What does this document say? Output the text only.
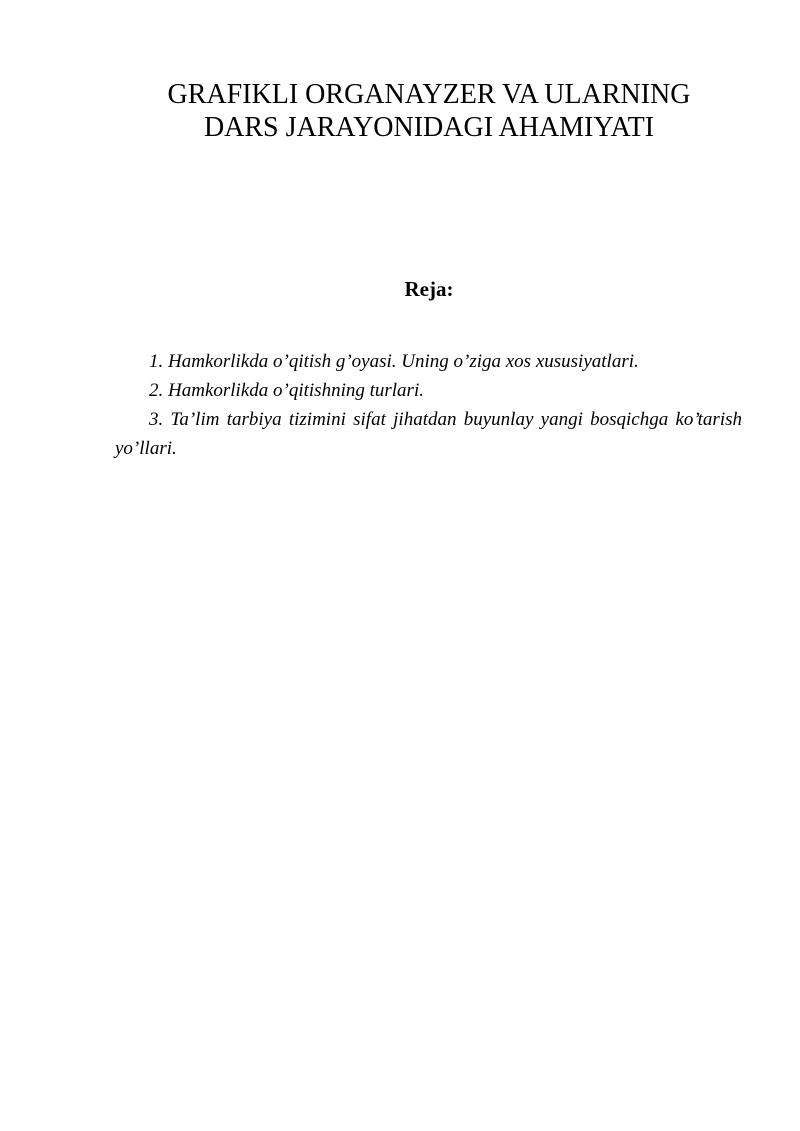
GRAFIKLI ORGANAYZER VA ULARNING
DARS JARAYONIDAGI AHAMIYATI
Reja:
1. Hamkorlikda o’qitish g’oyasi. Uning o’ziga xos xususiyatlari.
2. Hamkorlikda o’qitishning turlari.
3. Ta’lim tarbiya tizimini sifat jihatdan buyunlay yangi bosqichga ko’tarish yo’llari.
